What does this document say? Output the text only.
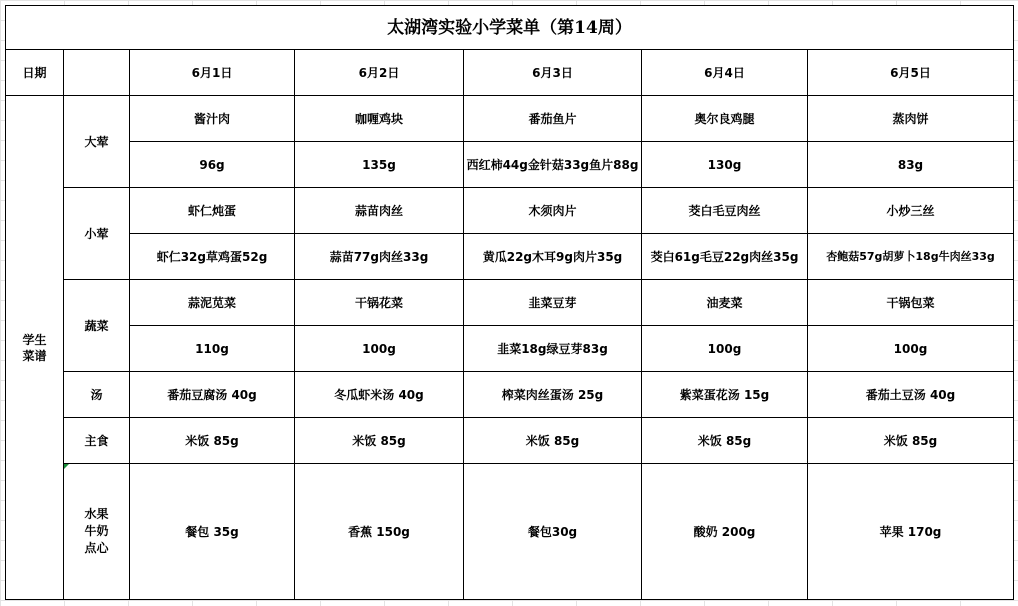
太湖湾实验小学菜单（第14周）						
日期		6月1日	6月2日	6月3日	6月4日	6月5日

学生菜谱	大荤	酱汁肉	咖喱鸡块	番茄鱼片	奥尔良鸡腿	蒸肉饼
		96g	135g	西红柿44g金针菇33g鱼片88g	130g	83g
	小荤	虾仁炖蛋	蒜苗肉丝	木须肉片	茭白毛豆肉丝	小炒三丝
		虾仁32g草鸡蛋52g	蒜苗77g肉丝33g	黄瓜22g木耳9g肉片35g	茭白61g毛豆22g肉丝35g	杏鲍菇57g胡萝卜18g牛肉丝33g
	蔬菜	蒜泥苋菜	干锅花菜	韭菜豆芽	油麦菜	干锅包菜
		110g	100g	韭菜18g绿豆芽83g	100g	100g
	汤	番茄豆腐汤 40g	冬瓜虾米汤 40g	榨菜肉丝蛋汤 25g	紫菜蛋花汤 15g	番茄土豆汤 40g
	主食	米饭 85g	米饭 85g	米饭 85g	米饭 85g	米饭 85g

	水果牛奶点心	餐包 35g	香蕉 150g	餐包30g	酸奶 200g	苹果 170g
